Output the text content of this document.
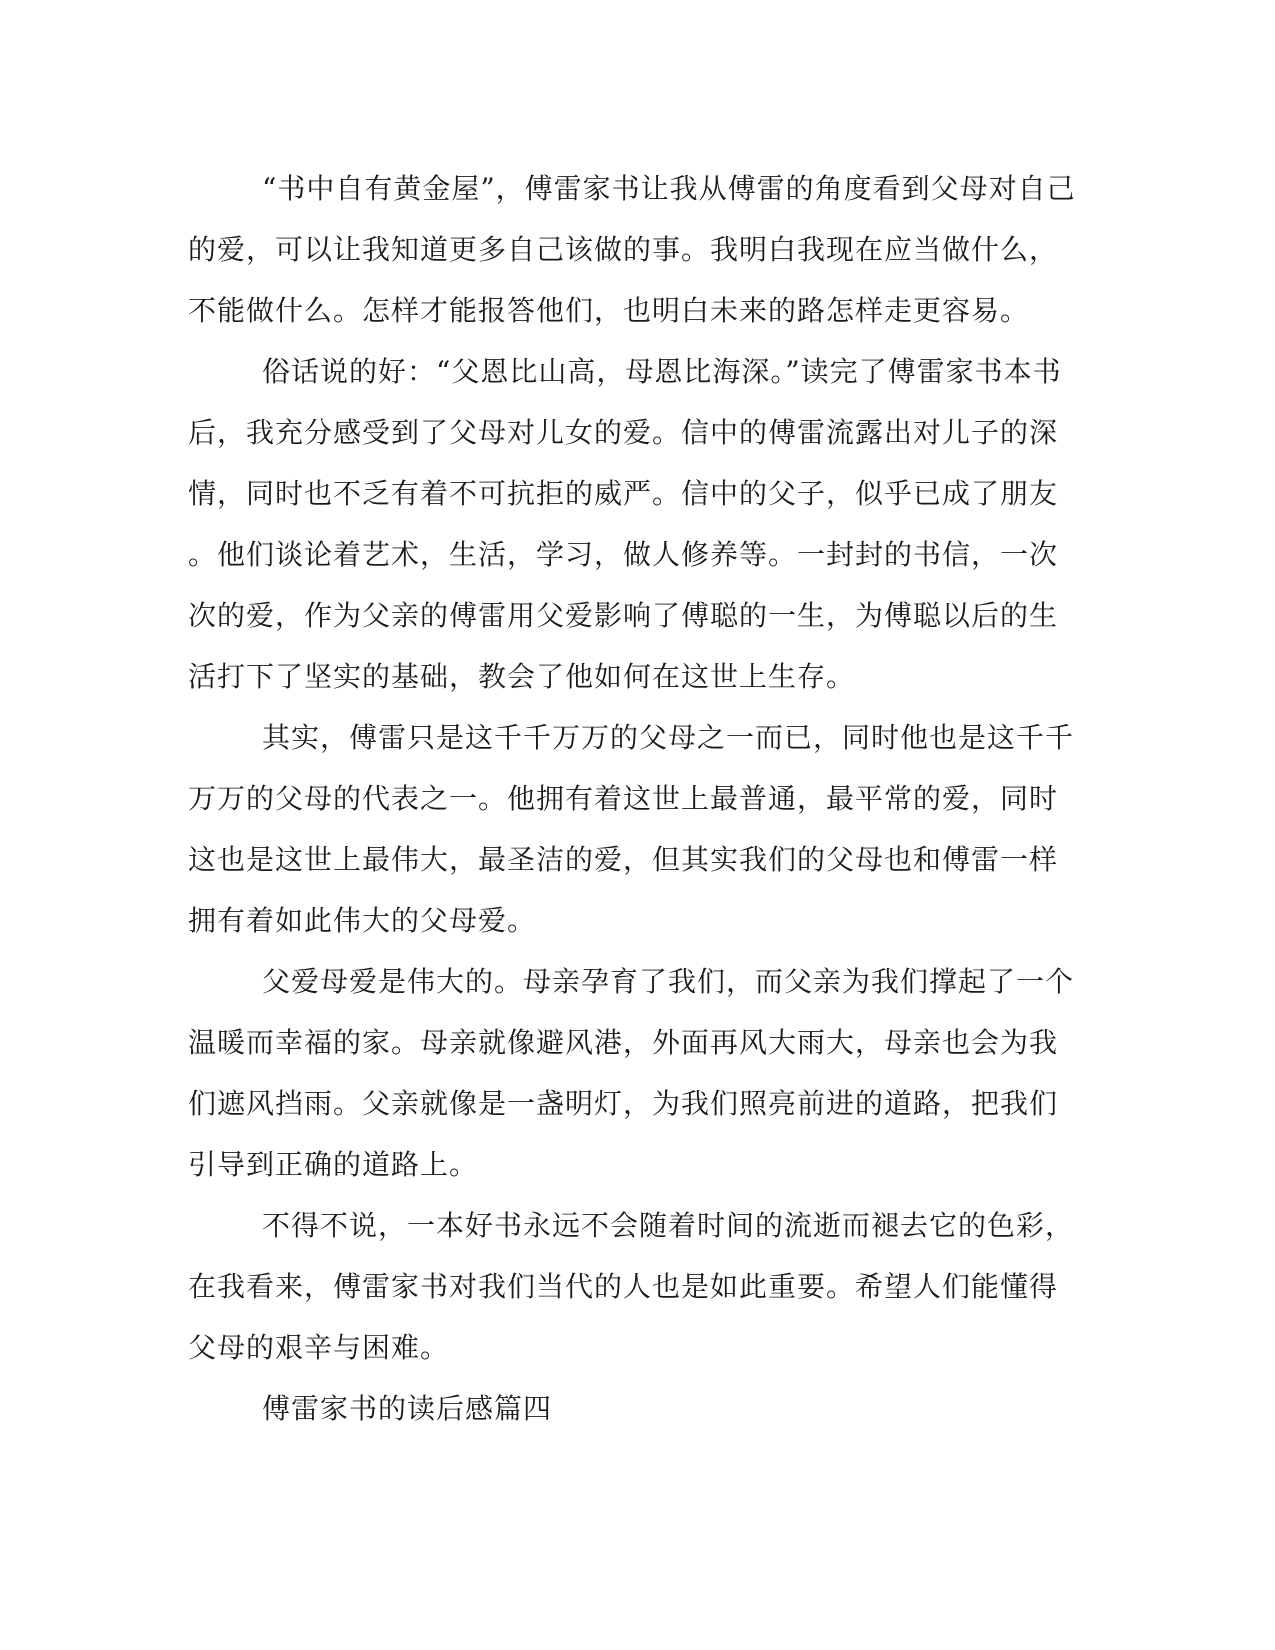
“书中自有黄金屋”，傅雷家书让我从傅雷的角度看到父母对自己
的爱，可以让我知道更多自己该做的事。我明白我现在应当做什么，
不能做什么。怎样才能报答他们，也明白未来的路怎样走更容易。

俗话说的好：“父恩比山高，母恩比海深。”读完了傅雷家书本书
后，我充分感受到了父母对儿女的爱。信中的傅雷流露出对儿子的深
情，同时也不乏有着不可抗拒的威严。信中的父子，似乎已成了朋友
。他们谈论着艺术，生活，学习，做人修养等。一封封的书信，一次
次的爱，作为父亲的傅雷用父爱影响了傅聪的一生，为傅聪以后的生
活打下了坚实的基础，教会了他如何在这世上生存。

其实，傅雷只是这千千万万的父母之一而已，同时他也是这千千
万万的父母的代表之一。他拥有着这世上最普通，最平常的爱，同时
这也是这世上最伟大，最圣洁的爱，但其实我们的父母也和傅雷一样
拥有着如此伟大的父母爱。

父爱母爱是伟大的。母亲孕育了我们，而父亲为我们撑起了一个
温暖而幸福的家。母亲就像避风港，外面再风大雨大，母亲也会为我
们遮风挡雨。父亲就像是一盏明灯，为我们照亮前进的道路，把我们
引导到正确的道路上。

不得不说，一本好书永远不会随着时间的流逝而褪去它的色彩，
在我看来，傅雷家书对我们当代的人也是如此重要。希望人们能懂得
父母的艰辛与困难。

傅雷家书的读后感篇四
